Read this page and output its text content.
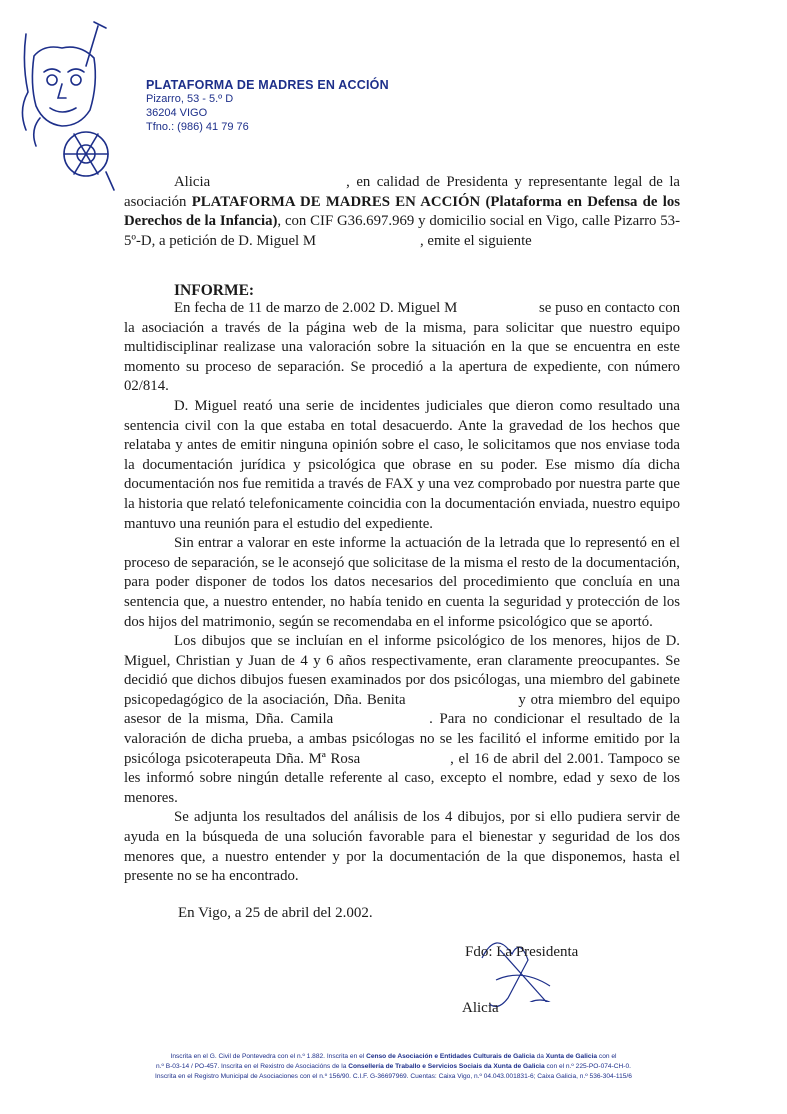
PLATAFORMA DE MADRES EN ACCIÓN
Pizarro, 53 - 5.º D
36204 VIGO
Tfno.: (986) 41 79 76

Alicia	, en calidad de Presidenta y representante legal de la asociación PLATAFORMA DE MADRES EN ACCIÓN (Plataforma en Defensa de los Derechos de la Infancia), con CIF G36.697.969 y domicilio social en Vigo, calle Pizarro 53-5º-D, a petición de D. Miguel M	, emite el siguiente

INFORME:

En fecha de 11 de marzo de 2.002 D. Miguel M	se puso en contacto con la asociación a través de la página web de la misma, para solicitar que nuestro equipo multidisciplinar realizase una valoración sobre la situación en la que se encuentra en este momento su proceso de separación. Se procedió a la apertura de expediente, con número 02/814.

D. Miguel reató una serie de incidentes judiciales que dieron como resultado una sentencia civil con la que estaba en total desacuerdo. Ante la gravedad de los hechos que relataba y antes de emitir ninguna opinión sobre el caso, le solicitamos que nos enviase toda la documentación jurídica y psicológica que obrase en su poder. Ese mismo día dicha documentación nos fue remitida a través de FAX y una vez comprobado por nuestra parte que la historia que relató telefonicamente coincidia con la documentación enviada, nuestro equipo mantuvo una reunión para el estudio del expediente.

Sin entrar a valorar en este informe la actuación de la letrada que lo representó en el proceso de separación, se le aconsejó que solicitase de la misma el resto de la documentación, para poder disponer de todos los datos necesarios del procedimiento que concluía en una sentencia que, a nuestro entender, no había tenido en cuenta la seguridad y protección de los dos hijos del matrimonio, según se recomendaba en el informe psicológico que se aportó.

Los dibujos que se incluían en el informe psicológico de los menores, hijos de D. Miguel, Christian y Juan de 4 y 6 años respectivamente, eran claramente preocupantes. Se decidió que dichos dibujos fuesen examinados por dos psicólogas, una miembro del gabinete psicopedagógico de la asociación, Dña. Benita	y otra miembro del equipo asesor de la misma, Dña. Camila	. Para no condicionar el resultado de la valoración de dicha prueba, a ambas psicólogas no se les facilitó el informe emitido por la psicóloga psicoterapeuta Dña. Mª Rosa	, el 16 de abril del 2.001. Tampoco se les informó sobre ningún detalle referente al caso, excepto el nombre, edad y sexo de los menores.

Se adjunta los resultados del análisis de los 4 dibujos, por si ello pudiera servir de ayuda en la búsqueda de una solución favorable para el bienestar y seguridad de los dos menores que, a nuestro entender y por la documentación de la que disponemos, hasta el presente no se ha encontrado.

En Vigo, a 25 de abril del 2.002.
Fdo: La Presidenta
Alicia
Inscrita en el G. Civil de Pontevedra con el n.º 1.882. Inscrita en el Censo de Asociación e Entidades Culturais de Galicia da Xunta de Galicia con el
n.º B-03-14 / PO-457. Inscrita en el Rexistro de Asociacións de la Consellería de Traballo e Servicios Sociais da Xunta de Galicia con el n.º 225-PO-074-CH-0.
Inscrita en el Registro Municipal de Asociaciones con el n.º 156/90. C.I.F. G-36697969. Cuentas: Caixa Vigo, n.º 04.043.001831-6; Caixa Galicia, n.º 536-304-115/6
